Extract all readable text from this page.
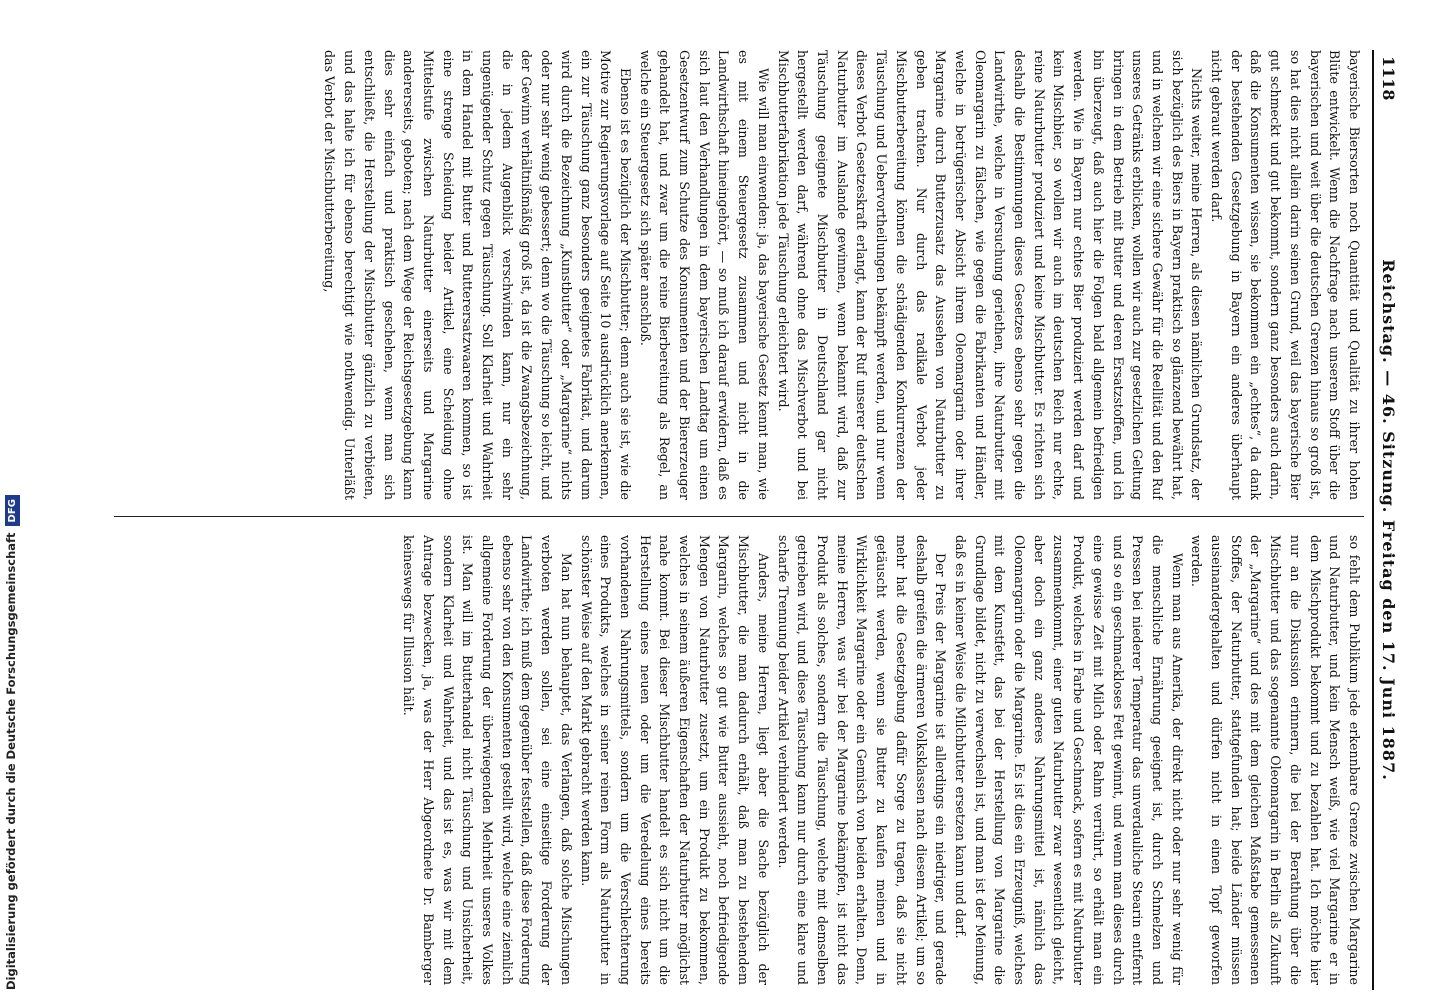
1118
Reichstag. — 46. Sitzung. Freitag den 17. Juni 1887.

bayerische Biersorten noch Quantität und Qualität zu ihrer hohen Blüte entwickelt. Wenn die Nachfrage nach unserem Stoff über die bayerischen und weit über die deutschen Grenzen hinaus so groß ist, so hat dies nicht allein darin seinen Grund, weil das bayerische Bier gut schmeckt und gut bekommt, sondern ganz besonders auch darin, daß die Konsumenten wissen, sie bekommen ein „echtes“, da dank der bestehenden Gesetzgebung in Bayern ein anderes überhaupt nicht gebraut werden darf.

Nichts weiter, meine Herren, als diesen nämlichen Grundsatz, der sich bezüglich des Biers in Bayern praktisch so glänzend bewährt hat, und in welchem wir eine sichere Gewähr für die Reellität und den Ruf unseres Getränks erblicken, wollen wir auch zur gesetzlichen Geltung bringen in dem Betrieb mit Butter und deren Ersatzstoffen, und ich bin überzeugt, daß auch hier die Folgen bald allgemein befriedigen werden. Wie in Bayern nur echtes Bier produziert werden darf und kein Mischbier, so wollen wir auch im deutschen Reich nur echte, reine Naturbutter produziert und keine Mischbutter. Es richten sich deshalb die Bestimmungen dieses Gesetzes ebenso sehr gegen die Landwirthe, welche in Versuchung geriethen, ihre Naturbutter mit Oleomargarin zu fälschen, wie gegen die Fabrikanten und Händler, welche in betrügerischer Absicht ihrem Oleomargarin oder ihrer Margarine durch Butterzusatz das Aussehen von Naturbutter zu geben trachten. Nur durch das radikale Verbot jeder Mischbutterbereitung können die schädigenden Konkurrenzen der Täuschung und Uebervortheilungen bekämpft werden, und nur wenn dieses Verbot Gesetzeskraft erlangt, kann der Ruf unserer deutschen Naturbutter im Auslande gewinnen, wenn bekannt wird, daß zur Täuschung geeignete Mischbutter in Deutschland gar nicht hergestellt werden darf, während ohne das Mischverbot und bei Mischbutterfabrikation jede Täuschung erleichtert wird.

Wie will man einwenden: ja, das bayerische Gesetz kennt man, wie es mit einem Steuergesetz zusammen und nicht in die Landwirthschaft hineingehört, — so muß ich darauf erwidern, daß es sich laut den Verhandlungen in dem bayerischen Landtag um einen Gesetzentwurf zum Schutze des Konsumenten und der Biererzeuger gehandelt hat, und zwar um die reine Bierbereitung als Regel, an welche ein Steuergesetz sich später anschloß.

Ebenso ist es bezüglich der Mischbutter; denn auch sie ist, wie die Motive zur Regierungsvorlage auf Seite 10 ausdrücklich anerkennen, ein zur Täuschung ganz besonders geeignetes Fabrikat, und darum wird durch die Bezeichnung „Kunstbutter“ oder „Margarine“ nichts oder nur sehr wenig gebessert; denn wo die Täuschung so leicht, und der Gewinn verhältnißmäßig groß ist, da ist die Zwangsbezeichnung, die in jedem Augenblick verschwinden kann, nur ein sehr ungenügender Schutz gegen Täuschung. Soll Klarheit und Wahrheit in dem Handel mit Butter und Butterersatzwaaren kommen, so ist eine strenge Scheidung beider Artikel, eine Scheidung ohne Mittelstufe zwischen Naturbutter einerseits und Margarine andererseits, geboten; nach dem Wege der Reichsgesetzgebung kann dies sehr einfach und praktisch geschehen, wenn man sich entschließt, die Herstellung der Mischbutter gänzlich zu verbieten, und das halte ich für ebenso berechtigt wie nothwendig. Unterläßt das Verbot der Mischbutterbereitung,

so fehlt dem Publikum jede erkennbare Grenze zwischen Margarine und Naturbutter, und kein Mensch weiß, wie viel Margarine er in dem Mischprodukt bekommt und zu bezahlen hat. Ich möchte hier nur an die Diskussion erinnern, die bei der Berathung über die Mischbutter und das sogenannte Oleomargarin in Berlin als Zukunft der „Margarine“ und des mit dem gleichen Maßstabe gemessenen Stoffes, der Naturbutter, stattgefunden hat; beide Länder müssen auseinandergehalten und dürfen nicht in einen Topf geworfen werden.

Wenn man aus Amerika, der direkt nicht oder nur sehr wenig für die menschliche Ernährung geeignet ist, durch Schmelzen und Pressen bei niederer Temperatur das unverdauliche Stearin entfernt und so ein geschmackloses Fett gewinnt, und wenn man dieses durch eine gewisse Zeit mit Milch oder Rahm verrührt, so erhält man ein Produkt, welches in Farbe und Geschmack, sofern es mit Naturbutter zusammenkommt, einer guten Naturbutter zwar wesentlich gleicht, aber doch ein ganz anderes Nahrungsmittel ist, nämlich das Oleomargarin oder die Margarine. Es ist dies ein Erzeugniß, welches mit dem Kunstfett, das bei der Herstellung von Margarine die Grundlage bildet, nicht zu verwechseln ist, und man ist der Meinung, daß es in keiner Weise die Milchbutter ersetzen kann und darf.

Der Preis der Margarine ist allerdings ein niedriger, und gerade deshalb greifen die ärmeren Volksklassen nach diesem Artikel; um so mehr hat die Gesetzgebung dafür Sorge zu tragen, daß sie nicht getäuscht werden, wenn sie Butter zu kaufen meinen und in Wirklichkeit Margarine oder ein Gemisch von beiden erhalten. Denn, meine Herren, was wir bei der Margarine bekämpfen, ist nicht das Produkt als solches, sondern die Täuschung, welche mit demselben getrieben wird, und diese Täuschung kann nur durch eine klare und scharfe Trennung beider Artikel verhindert werden.

Anders, meine Herren, liegt aber die Sache bezüglich der Mischbutter, die man dadurch erhält, daß man zu bestehendem Margarin, welches so gut wie Butter aussieht, noch befriedigende Mengen von Naturbutter zusetzt, um ein Produkt zu bekommen, welches in seinem äußeren Eigenschaften der Naturbutter möglichst nahe kommt. Bei dieser Mischbutter handelt es sich nicht um die Herstellung eines neuen oder um die Veredelung eines bereits vorhandenen Nahrungsmittels, sondern um die Verschlechterung eines Produkts, welches in seiner reinen Form als Naturbutter in schönster Weise auf den Markt gebracht werden kann.

Man hat nun behauptet, das Verlangen, daß solche Mischungen verboten werden sollen, sei eine einseitige Forderung der Landwirthe; ich muß dem gegenüber feststellen, daß diese Forderung ebenso sehr von den Konsumenten gestellt wird, welche eine ziemlich allgemeine Forderung der überwiegenden Mehrheit unseres Volkes ist. Man will im Butterhandel nicht Täuschung und Unsicherheit, sondern Klarheit und Wahrheit, und das ist es, was wir mit dem Antrage bezwecken, ja, was der Herr Abgeordnete Dr. Bamberger keineswegs für Illusion hält.

Digitalisierung gefördert durch die Deutsche ForschungsgemeinschaftDFG
